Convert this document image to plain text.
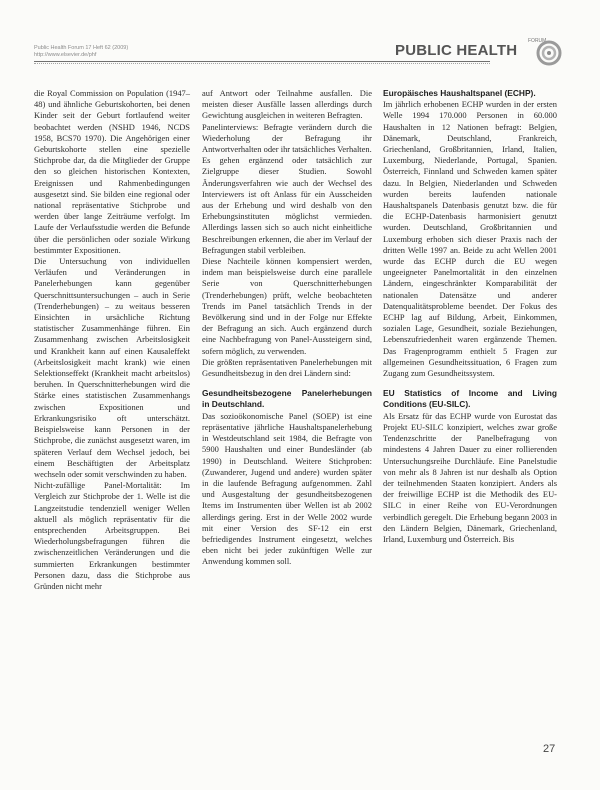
Public Health Forum 17 Heft 62 (2009)
http://www.elsevier.de/phf	PUBLIC HEALTH
FORUM

die Royal Commission on Population (1947–48) und ähnliche Geburtskohorten, bei denen Kinder seit der Geburt fortlaufend weiter beobachtet werden (NSHD 1946, NCDS 1958, BCS70 1970). Die Angehörigen einer Geburtskohorte stellen eine spezielle Stichprobe dar, da die Mitglieder der Gruppe den so gleichen historischen Kontexten, Ereignissen und Rahmenbedingungen ausgesetzt sind. Sie bilden eine regional oder national repräsentative Stichprobe und werden über lange Zeiträume verfolgt. Im Laufe der Verlaufsstudie werden die Befunde über die persönlichen oder soziale Wirkung bestimmter Expositionen.

Die Untersuchung von individuellen Verläufen und Veränderungen in Panelerhebungen kann gegenüber Querschnittsuntersuchungen – auch in Serie (Trenderhebungen) – zu weitaus besseren Einsichten in ursächliche Richtung statistischer Zusammenhänge führen. Ein Zusammenhang zwischen Arbeitslosigkeit und Krankheit kann auf einen Kausaleffekt (Arbeitslosigkeit macht krank) wie einen Selektionseffekt (Krankheit macht arbeitslos) beruhen. In Querschnitterhebungen wird die Stärke eines statistischen Zusammenhangs zwischen Expositionen und Erkrankungsrisiko oft unterschätzt. Beispielsweise kann Personen in der Stichprobe, die zunächst ausgesetzt waren, im späteren Verlauf dem Wechsel jedoch, bei einem Beschäftigten der Arbeitsplatz wechseln oder somit verschwinden zu haben.

Nicht-zufällige Panel-Mortalität: Im Vergleich zur Stichprobe der 1. Welle ist die Langzeitstudie tendenziell weniger Wellen aktuell als möglich repräsentativ für die entsprechenden Arbeitsgruppen. Bei Wiederholungsbefragungen führen die zwischenzeitlichen Veränderungen und die summierten Erkrankungen bestimmter Personen dazu, dass die Stichprobe aus Gründen nicht mehr

auf Antwort oder Teilnahme ausfallen. Die meisten dieser Ausfälle lassen allerdings durch Gewichtung ausgleichen in weiteren Befragten.

Panelinterviews: Befragte verändern durch die Wiederholung der Befragung ihr Antwortverhalten oder ihr tatsächliches Verhalten.

Es gehen ergänzend oder tatsächlich zur Zielgruppe dieser Studien. Sowohl Änderungsverfahren wie auch der Wechsel des Interviewers ist oft Anlass für ein Ausscheiden aus der Erhebung und wird deshalb von den Erhebungsinstituten möglichst vermieden. Allerdings lassen sich so auch nicht einheitliche Beschreibungen erkennen, die aber im Verlauf der Befragungen stabil verbleiben.

Diese Nachteile können kompensiert werden, indem man beispielsweise durch eine parallele Serie von Querschnitterhebungen (Trenderhebungen) prüft, welche beobachteten Trends im Panel tatsächlich Trends in der Bevölkerung sind und in der Folge nur Effekte der Befragung an sich. Auch ergänzend durch eine Nachbefragung von Panel-Aussteigern sind, sofern möglich, zu verwenden.

Die größten repräsentativen Panelerhebungen mit Gesundheitsbezug in den drei Ländern sind:

Gesundheitsbezogene Panelerhebungen in Deutschland.

Das sozioökonomische Panel (SOEP) ist eine repräsentative jährliche Haushaltspanelerhebung in Westdeutschland seit 1984, die Befragte von 5900 Haushalten und einer Bundesländer (ab 1990) in Deutschland. Weitere Stichproben: (Zuwanderer, Jugend und andere) wurden später in die laufende Befragung aufgenommen. Zahl und Ausgestaltung der gesundheitsbezogenen Items im Instrumenten über Wellen ist ab 2002 allerdings gering. Erst in der Welle 2002 wurde mit einer Version des SF-12 ein erst befriedigendes Instrument eingesetzt, welches eben nicht bei jeder zukünftigen Welle zur Anwendung kommen soll.

Europäisches Haushaltspanel (ECHP).

Im jährlich erhobenen ECHP wurden in der ersten Welle 1994 170.000 Personen in 60.000 Haushalten in 12 Nationen befragt: Belgien, Dänemark, Deutschland, Frankreich, Griechenland, Großbritannien, Irland, Italien, Luxemburg, Niederlande, Portugal, Spanien. Österreich, Finnland und Schweden kamen später dazu. In Belgien, Niederlanden und Schweden wurden bereits laufenden nationale Haushaltspanels Datenbasis genutzt bzw. die für die ECHP-Datenbasis harmonisiert genutzt wurden. Deutschland, Großbritannien und Luxemburg erhoben sich dieser Praxis nach der dritten Welle 1997 an. Beide zu acht Wellen 2001 wurde das ECHP durch die EU wegen ungeeigneter Panelmortalität in den einzelnen Ländern, eingeschränkter Komparabilität der nationalen Datensätze und anderer Datenqualitätsprobleme beendet. Der Fokus des ECHP lag auf Bildung, Arbeit, Einkommen, sozialen Lage, Gesundheit, soziale Beziehungen, Lebenszufriedenheit waren ergänzende Themen. Das Fragenprogramm enthielt 5 Fragen zur allgemeinen Gesundheitssituation, 6 Fragen zum Zugang zum Gesundheitssystem.

EU Statistics of Income and Living Conditions (EU-SILC).

Als Ersatz für das ECHP wurde von Eurostat das Projekt EU-SILC konzipiert, welches zwar große Tendenzschritte der Panelbefragung von mindestens 4 Jahren Dauer zu einer rollierenden Untersuchungsreihe Durchläufe. Eine Panelstudie von mehr als 8 Jahren ist nur deshalb als Option der teilnehmenden Staaten konzipiert. Anders als der freiwillige ECHP ist die Methodik des EU-SILC in einer Reihe von EU-Verordnungen verbindlich geregelt. Die Erhebung begann 2003 in den Ländern Belgien, Dänemark, Griechenland, Irland, Luxemburg und Österreich. Bis

27
